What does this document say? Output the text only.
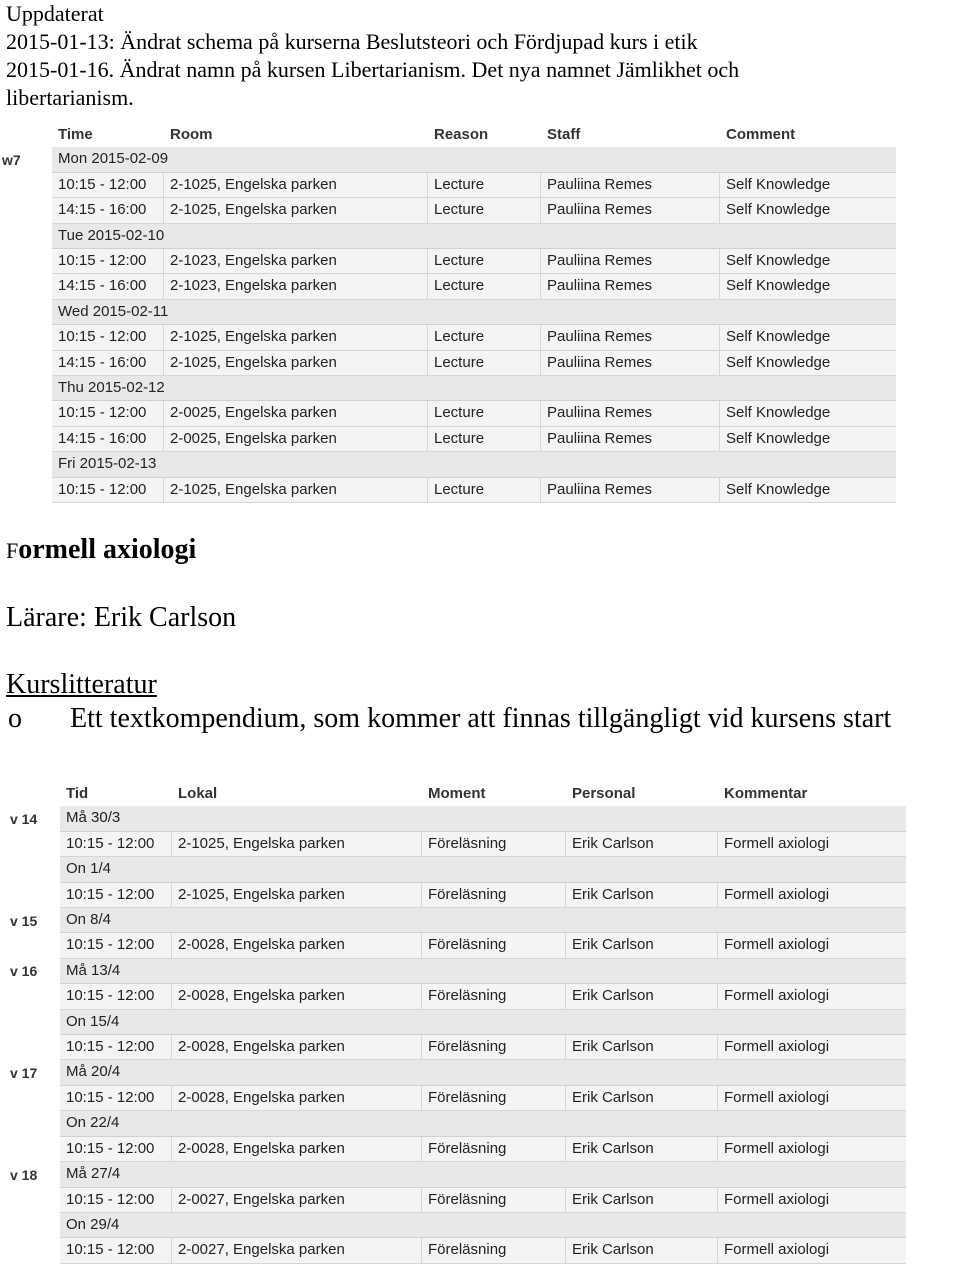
Uppdaterat
2015-01-13: Ändrat schema på kurserna Beslutsteori och Fördjupad kurs i etik
2015-01-16. Ändrat namn på kursen Libertarianism. Det nya namnet Jämlikhet och
libertarianism.
	Time	Room	Reason	Staff	Comment
w7	Mon 2015-02-09				
	10:15 - 12:00	2-1025, Engelska parken	Lecture	Pauliina Remes	Self Knowledge
	14:15 - 16:00	2-1025, Engelska parken	Lecture	Pauliina Remes	Self Knowledge
	Tue 2015-02-10				
	10:15 - 12:00	2-1023, Engelska parken	Lecture	Pauliina Remes	Self Knowledge
	14:15 - 16:00	2-1023, Engelska parken	Lecture	Pauliina Remes	Self Knowledge
	Wed 2015-02-11				
	10:15 - 12:00	2-1025, Engelska parken	Lecture	Pauliina Remes	Self Knowledge
	14:15 - 16:00	2-1025, Engelska parken	Lecture	Pauliina Remes	Self Knowledge
	Thu 2015-02-12				
	10:15 - 12:00	2-0025, Engelska parken	Lecture	Pauliina Remes	Self Knowledge
	14:15 - 16:00	2-0025, Engelska parken	Lecture	Pauliina Remes	Self Knowledge
	Fri 2015-02-13				
	10:15 - 12:00	2-1025, Engelska parken	Lecture	Pauliina Remes	Self Knowledge
Formell axiologi
Lärare: Erik Carlson
Kurslitteratur
o Ett textkompendium, som kommer att finnas tillgängligt vid kursens start
	Tid	Lokal	Moment	Personal	Kommentar
v 14	Må 30/3				
	10:15 - 12:00	2-1025, Engelska parken	Föreläsning	Erik Carlson	Formell axiologi
	On 1/4				
	10:15 - 12:00	2-1025, Engelska parken	Föreläsning	Erik Carlson	Formell axiologi
v 15	On 8/4				
	10:15 - 12:00	2-0028, Engelska parken	Föreläsning	Erik Carlson	Formell axiologi
v 16	Må 13/4				
	10:15 - 12:00	2-0028, Engelska parken	Föreläsning	Erik Carlson	Formell axiologi
	On 15/4				
	10:15 - 12:00	2-0028, Engelska parken	Föreläsning	Erik Carlson	Formell axiologi
v 17	Må 20/4				
	10:15 - 12:00	2-0028, Engelska parken	Föreläsning	Erik Carlson	Formell axiologi
	On 22/4				
	10:15 - 12:00	2-0028, Engelska parken	Föreläsning	Erik Carlson	Formell axiologi
v 18	Må 27/4				
	10:15 - 12:00	2-0027, Engelska parken	Föreläsning	Erik Carlson	Formell axiologi
	On 29/4				
	10:15 - 12:00	2-0027, Engelska parken	Föreläsning	Erik Carlson	Formell axiologi
